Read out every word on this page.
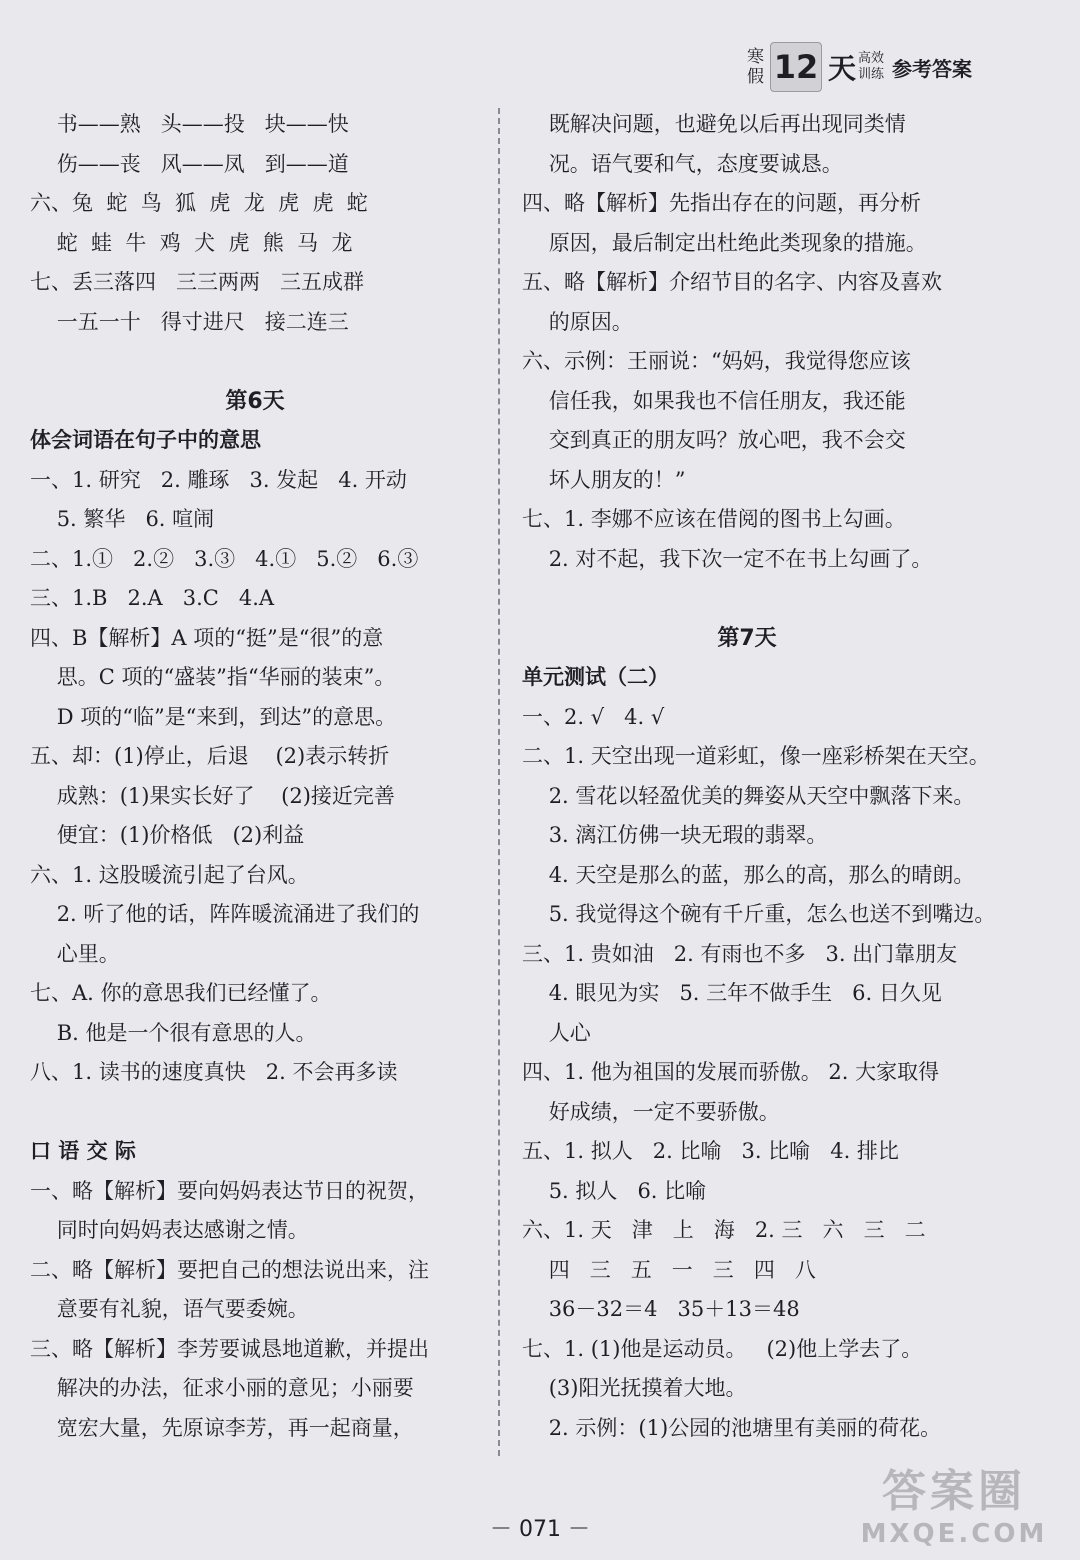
寒
假 12 天 高效
训练 参考答案
书——熟   头——投   块——快
伤——丧   风——凤   到——道
六、兔  蛇  鸟  狐  虎  龙  虎  虎  蛇
蛇  蛙  牛  鸡  犬  虎  熊  马  龙
七、丢三落四   三三两两   三五成群
一五一十   得寸进尺   接二连三
第6天
体会词语在句子中的意思
一、1. 研究   2. 雕琢   3. 发起   4. 开动
5. 繁华   6. 喧闹
二、1.①   2.②   3.③   4.①   5.②   6.③
三、1.B   2.A   3.C   4.A
四、B【解析】A 项的“挺”是“很”的意
思。C 项的“盛装”指“华丽的装束”。
D 项的“临”是“来到，到达”的意思。
五、却：(1)停止，后退    (2)表示转折
成熟：(1)果实长好了    (2)接近完善
便宜：(1)价格低   (2)利益
六、1. 这股暖流引起了台风。
2. 听了他的话，阵阵暖流涌进了我们的
心里。
七、A. 你的意思我们已经懂了。
B. 他是一个很有意思的人。
八、1. 读书的速度真快   2. 不会再多读
口 语 交 际
一、略【解析】要向妈妈表达节日的祝贺，
同时向妈妈表达感谢之情。
二、略【解析】要把自己的想法说出来，注
意要有礼貌，语气要委婉。
三、略【解析】李芳要诚恳地道歉，并提出
解决的办法，征求小丽的意见；小丽要
宽宏大量，先原谅李芳，再一起商量，
既解决问题，也避免以后再出现同类情
况。语气要和气，态度要诚恳。
四、略【解析】先指出存在的问题，再分析
原因，最后制定出杜绝此类现象的措施。
五、略【解析】介绍节目的名字、内容及喜欢
的原因。
六、示例：王丽说：“妈妈，我觉得您应该
信任我，如果我也不信任朋友，我还能
交到真正的朋友吗？放心吧，我不会交
坏人朋友的！”
七、1. 李娜不应该在借阅的图书上勾画。
2. 对不起，我下次一定不在书上勾画了。
第7天
单元测试（二）
一、2. √   4. √
二、1. 天空出现一道彩虹，像一座彩桥架在天空。
2. 雪花以轻盈优美的舞姿从天空中飘落下来。
3. 漓江仿佛一块无瑕的翡翠。
4. 天空是那么的蓝，那么的高，那么的晴朗。
5. 我觉得这个碗有千斤重，怎么也送不到嘴边。
三、1. 贵如油   2. 有雨也不多   3. 出门靠朋友
4. 眼见为实   5. 三年不做手生   6. 日久见
人心
四、1. 他为祖国的发展而骄傲。 2. 大家取得
好成绩，一定不要骄傲。
五、1. 拟人   2. 比喻   3. 比喻   4. 排比
5. 拟人   6. 比喻
六、1. 天   津   上   海   2. 三   六   三   二
四   三   五   一   三   四   八
36－32＝4   35＋13＝48
七、1. (1)他是运动员。   (2)他上学去了。
(3)阳光抚摸着大地。
2. 示例：(1)公园的池塘里有美丽的荷花。
－ 071 －
答案圈
MXQE.COM
